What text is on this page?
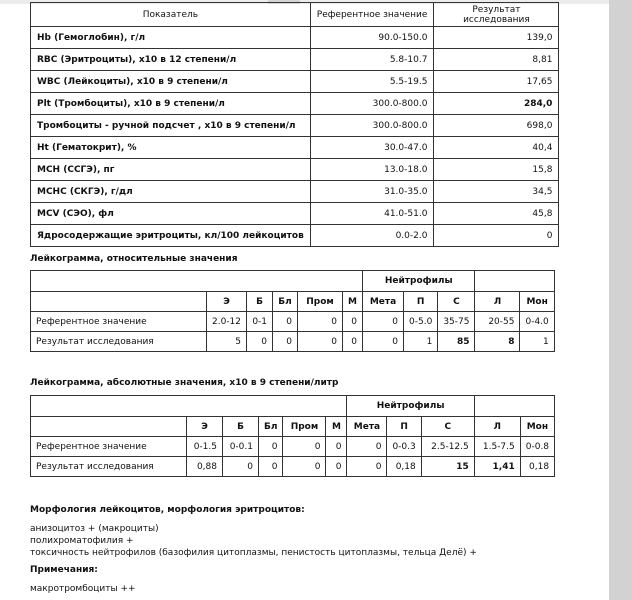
Показатель	Референтное значение	Результат
исследования
Hb (Гемоглобин), г/л	90.0-150.0	139,0
RBC (Эритроциты), x10 в 12 степени/л	5.8-10.7	8,81
WBC (Лейкоциты), x10 в 9 степени/л	5.5-19.5	17,65
Plt (Тромбоциты), x10 в 9 степени/л	300.0-800.0	284,0
Тромбоциты - ручной подсчет , x10 в 9 степени/л	300.0-800.0	698,0
Ht (Гематокрит), %	30.0-47.0	40,4
MCH (ССГЭ), пг	13.0-18.0	15,8
MCHC (СКГЭ), г/дл	31.0-35.0	34,5
MCV (СЭО), фл	41.0-51.0	45,8
Ядросодержащие эритроциты, кл/100 лейкоцитов	0.0-2.0	0
Лейкограмма, относительные значения
						Нейтрофилы				
	Э	Б	Бл	Пром	М	Мета	П	С	Л	Мон
Референтное значение	2.0-12	0-1	0	0	0	0	0-5.0	35-75	20-55	0-4.0
Результат исследования	5	0	0	0	0	0	1	85	8	1
Лейкограмма, абсолютные значения, x10 в 9 степени/литр
						Нейтрофилы				
	Э	Б	Бл	Пром	М	Мета	П	С	Л	Мон
Референтное значение	0-1.5	0-0.1	0	0	0	0	0-0.3	2.5-12.5	1.5-7.5	0-0.8
Результат исследования	0,88	0	0	0	0	0	0,18	15	1,41	0,18
Морфология лейкоцитов, морфология эритроцитов:
анизоцитоз + (макроциты)
полихроматофилия +
токсичность нейтрофилов (базофилия цитоплазмы, пенистость цитоплазмы, тельца Делё) +
Примечания:
макротромбоциты ++
